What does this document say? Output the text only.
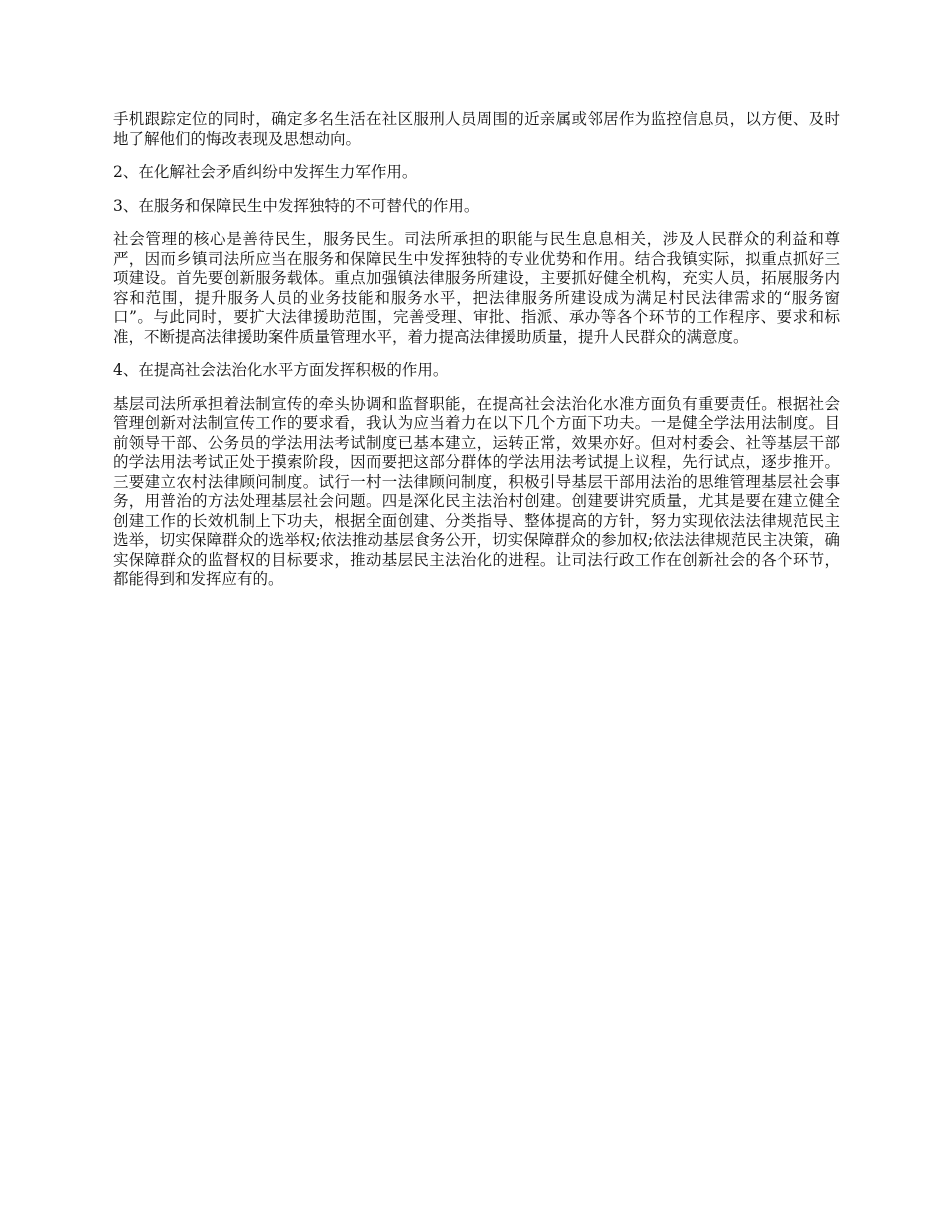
手机跟踪定位的同时，确定多名生活在社区服刑人员周围的近亲属或邻居作为监控信息员，以方便、及时地了解他们的悔改表现及思想动向。

2、在化解社会矛盾纠纷中发挥生力军作用。

3、在服务和保障民生中发挥独特的不可替代的作用。

社会管理的核心是善待民生，服务民生。司法所承担的职能与民生息息相关，涉及人民群众的利益和尊严，因而乡镇司法所应当在服务和保障民生中发挥独特的专业优势和作用。结合我镇实际，拟重点抓好三项建设。首先要创新服务载体。重点加强镇法律服务所建设，主要抓好健全机构，充实人员，拓展服务内容和范围，提升服务人员的业务技能和服务水平，把法律服务所建设成为满足村民法律需求的“服务窗口”。与此同时，要扩大法律援助范围，完善受理、审批、指派、承办等各个环节的工作程序、要求和标准，不断提高法律援助案件质量管理水平，着力提高法律援助质量，提升人民群众的满意度。

4、在提高社会法治化水平方面发挥积极的作用。

基层司法所承担着法制宣传的牵头协调和监督职能，在提高社会法治化水准方面负有重要责任。根据社会管理创新对法制宣传工作的要求看，我认为应当着力在以下几个方面下功夫。一是健全学法用法制度。目前领导干部、公务员的学法用法考试制度已基本建立，运转正常，效果亦好。但对村委会、社等基层干部的学法用法考试正处于摸索阶段，因而要把这部分群体的学法用法考试提上议程，先行试点，逐步推开。三要建立农村法律顾问制度。试行一村一法律顾问制度，积极引导基层干部用法治的思维管理基层社会事务，用普治的方法处理基层社会问题。四是深化民主法治村创建。创建要讲究质量，尤其是要在建立健全创建工作的长效机制上下功夫，根据全面创建、分类指导、整体提高的方针，努力实现依法法律规范民主选举，切实保障群众的选举权;依法推动基层食务公开，切实保障群众的参加权;依法法律规范民主决策，确实保障群众的监督权的目标要求，推动基层民主法治化的进程。让司法行政工作在创新社会的各个环节，都能得到和发挥应有的。
